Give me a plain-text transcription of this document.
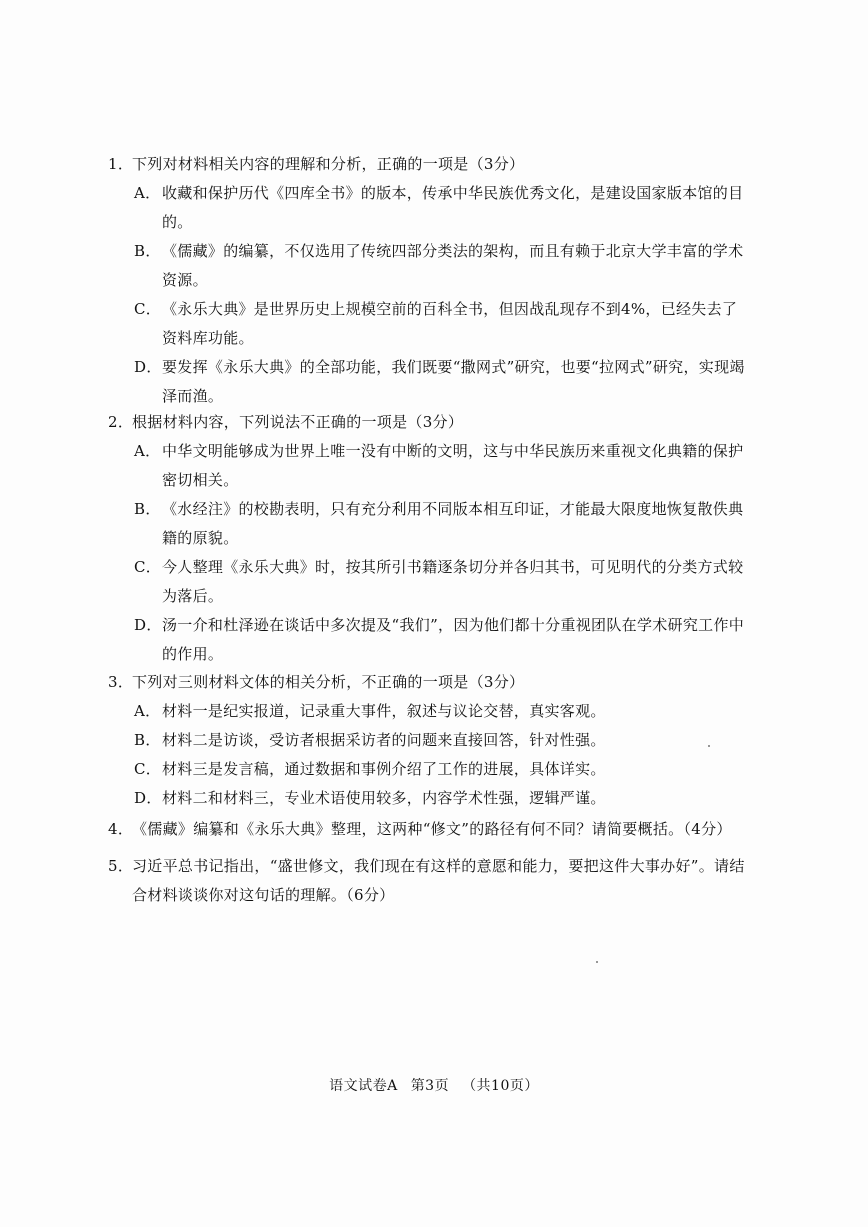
1．下列对材料相关内容的理解和分析，正确的一项是（3分）
A． 收藏和保护历代《四库全书》的版本，传承中华民族优秀文化，是建设国家版本馆的目的。
B． 《儒藏》的编纂，不仅选用了传统四部分类法的架构，而且有赖于北京大学丰富的学术资源。
C． 《永乐大典》是世界历史上规模空前的百科全书，但因战乱现存不到4%，已经失去了资料库功能。
D． 要发挥《永乐大典》的全部功能，我们既要“撒网式”研究，也要“拉网式”研究，实现竭泽而渔。
2．根据材料内容，下列说法不正确的一项是（3分）
A． 中华文明能够成为世界上唯一没有中断的文明，这与中华民族历来重视文化典籍的保护密切相关。
B． 《水经注》的校勘表明，只有充分利用不同版本相互印证，才能最大限度地恢复散佚典籍的原貌。
C． 今人整理《永乐大典》时，按其所引书籍逐条切分并各归其书，可见明代的分类方式较为落后。
D． 汤一介和杜泽逊在谈话中多次提及“我们”，因为他们都十分重视团队在学术研究工作中的作用。
3．下列对三则材料文体的相关分析，不正确的一项是（3分）
A． 材料一是纪实报道，记录重大事件，叙述与议论交替，真实客观。
B． 材料二是访谈，受访者根据采访者的问题来直接回答，针对性强。
C． 材料三是发言稿，通过数据和事例介绍了工作的进展，具体详实。
D． 材料二和材料三，专业术语使用较多，内容学术性强，逻辑严谨。
4．《儒藏》编纂和《永乐大典》整理，这两种“修文”的路径有何不同？请简要概括。（4分）
5．
习近平总书记指出，“盛世修文，我们现在有这样的意愿和能力，要把这件大事办好”。请结合材料谈谈你对这句话的理解。（6分）
语文试卷A 第3页 （共10页）
